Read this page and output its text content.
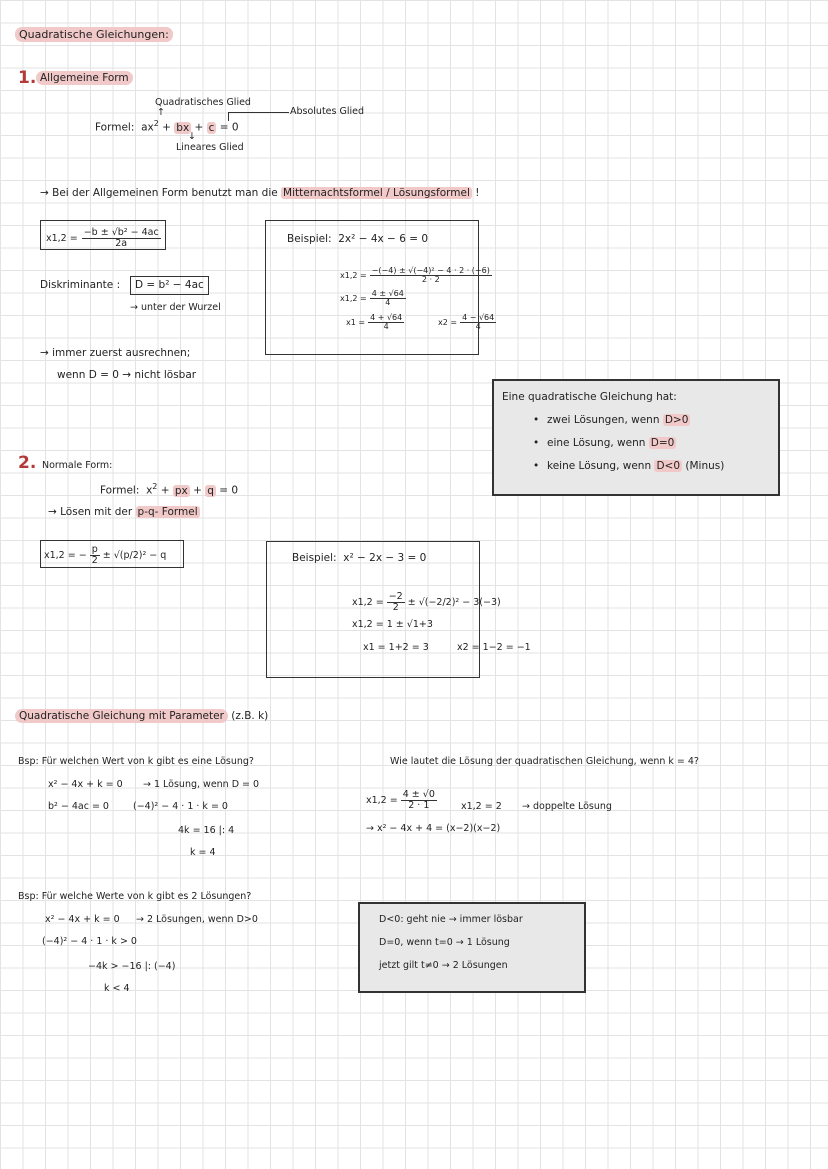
Quadratische Gleichungen:
1. Allgemeine Form
Quadratisches Glied
↑	Absolutes Glied
Formel: $ax^2$ + bx + c = 0
↓
Lineares Glied
→ Bei der Allgemeinen Form benutzt man die Mitternachtsformel / Lösungsformel !
$x1,2 = \frac{\text{−b ± √b² − 4ac}}{2a}$
Diskriminante :	D = b² − 4ac
→ unter der Wurzel
→ immer zuerst ausrechnen;
wenn D = 0 → nicht lösbar
Beispiel: 2x² − 4x − 6 = 0
$x1,2 = \frac{\text{−(−4) ± √(−4)² − 4 · 2 · (−6)}}{2 \cdot 2}$
$x1,2 = \frac{4 \pm √64}{4}$
$x1 = \frac{4 + √64}{4}$	$x2 = \frac{4 - √64}{4}$
Eine quadratische Gleichung hat:
• zwei Lösungen, wenn D>0
• eine Lösung, wenn D=0
• keine Lösung, wenn D<0 (Minus)
2. Normale Form:
Formel: $x^2$ + px + q = 0
→ Lösen mit der p-q- Formel
x1,2 = − $\frac{p}{2} \pm √(p/2)^2 - q$	Beispiel: x² − 2x − 3 = 0
$x1,2 = \frac{-2}{2} \pm √(-2/2)^2 - 3(-3)$
x1,2 = 1 ± √1+3
x1 = 1+2 = 3	x2 = 1−2 = −1
Quadratische Gleichung mit Parameter (z.B. k)
Bsp: Für welchen Wert von k gibt es eine Lösung?
x² − 4x + k = 0 → 1 Lösung, wenn D = 0
b² − 4ac = 0	(−4)² − 4 · 1 · k = 0
4k = 16 |: 4
k = 4
Bsp: Für welche Werte von k gibt es 2 Lösungen?
x² − 4x + k = 0 → 2 Lösungen, wenn D>0
(−4)² − 4 · 1 · k > 0
−4k > −16 |: (−4)
k < 4
Wie lautet die Lösung der quadratischen Gleichung, wenn k = 4?
$x1,2 = \frac{4 \pm √0}{2 \cdot 1}$	x1,2 = 2 → doppelte Lösung
→ x² − 4x + 4 = (x−2)(x−2)
D<0: geht nie → immer lösbar
D=0, wenn t=0 → 1 Lösung
jetzt gilt t≠0 → 2 Lösungen
